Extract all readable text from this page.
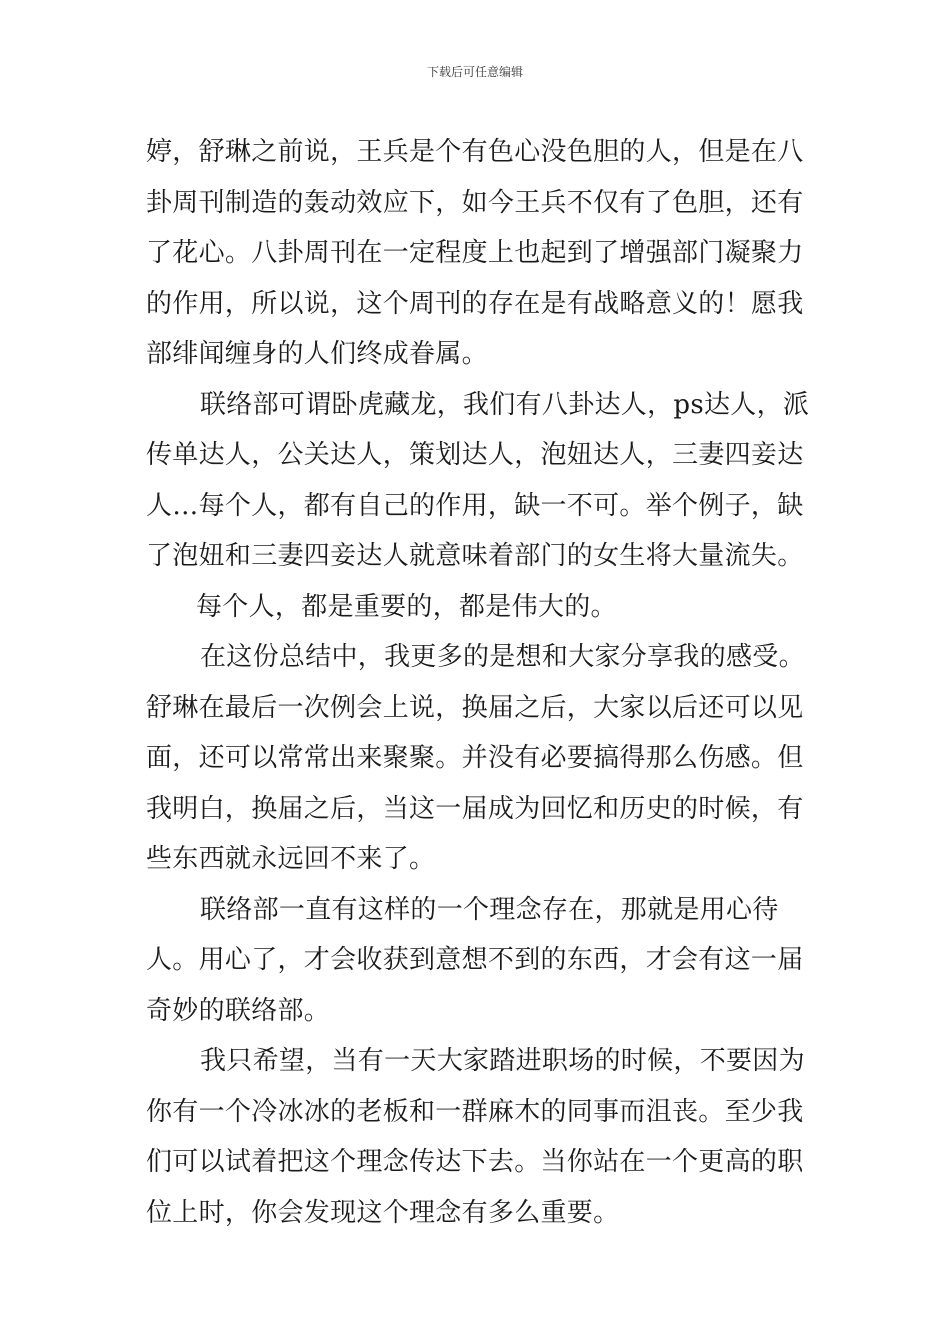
下载后可任意编辑

婷，舒琳之前说，王兵是个有色心没色胆的人，但是在八卦周刊制造的轰动效应下，如今王兵不仅有了色胆，还有了花心。八卦周刊在一定程度上也起到了增强部门凝聚力的作用，所以说，这个周刊的存在是有战略意义的！愿我部绯闻缠身的人们终成眷属。

联络部可谓卧虎藏龙，我们有八卦达人，ps达人，派传单达人，公关达人，策划达人，泡妞达人，三妻四妾达人…每个人，都有自己的作用，缺一不可。举个例子，缺了泡妞和三妻四妾达人就意味着部门的女生将大量流失。

每个人，都是重要的，都是伟大的。

在这份总结中，我更多的是想和大家分享我的感受。舒琳在最后一次例会上说，换届之后，大家以后还可以见面，还可以常常出来聚聚。并没有必要搞得那么伤感。但我明白，换届之后，当这一届成为回忆和历史的时候，有些东西就永远回不来了。

联络部一直有这样的一个理念存在，那就是用心待人。用心了，才会收获到意想不到的东西，才会有这一届奇妙的联络部。

我只希望，当有一天大家踏进职场的时候，不要因为你有一个冷冰冰的老板和一群麻木的同事而沮丧。至少我们可以试着把这个理念传达下去。当你站在一个更高的职位上时，你会发现这个理念有多么重要。
